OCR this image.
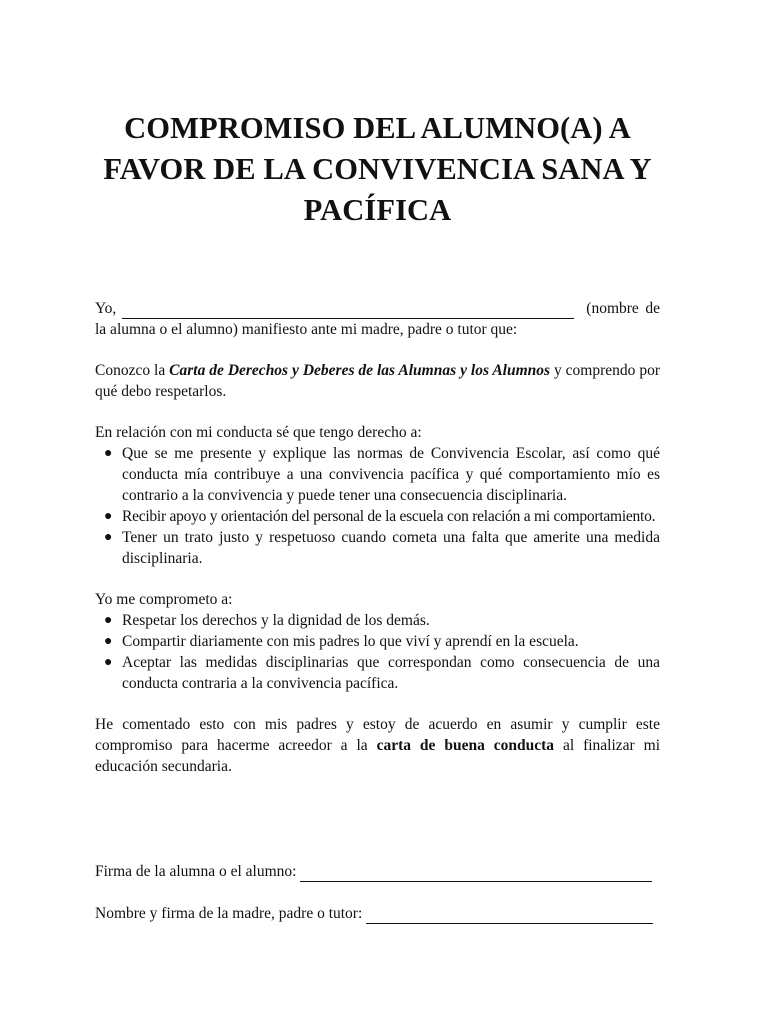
COMPROMISO DEL ALUMNO(A) A
FAVOR DE LA CONVIVENCIA SANA Y
PACÍFICA
Yo,	(nombre de

la alumna o el alumno) manifiesto ante mi madre, padre o tutor que:

Conozco la Carta de Derechos y Deberes de las Alumnas y los Alumnos y comprendo por qué debo respetarlos.

En relación con mi conducta sé que tengo derecho a:

● Que se me presente y explique las normas de Convivencia Escolar, así como qué conducta mía contribuye a una convivencia pacífica y qué comportamiento mío es contrario a la convivencia y puede tener una consecuencia disciplinaria.
● Recibir apoyo y orientación del personal de la escuela con relación a mi comportamiento.
● Tener un trato justo y respetuoso cuando cometa una falta que amerite una medida disciplinaria.

Yo me comprometo a:

● Respetar los derechos y la dignidad de los demás.
● Compartir diariamente con mis padres lo que viví y aprendí en la escuela.
● Aceptar las medidas disciplinarias que correspondan como consecuencia de una conducta contraria a la convivencia pacífica.

He comentado esto con mis padres y estoy de acuerdo en asumir y cumplir este compromiso para hacerme acreedor a la carta de buena conducta al finalizar mi educación secundaria.

Firma de la alumna o el alumno:
Nombre y firma de la madre, padre o tutor:
